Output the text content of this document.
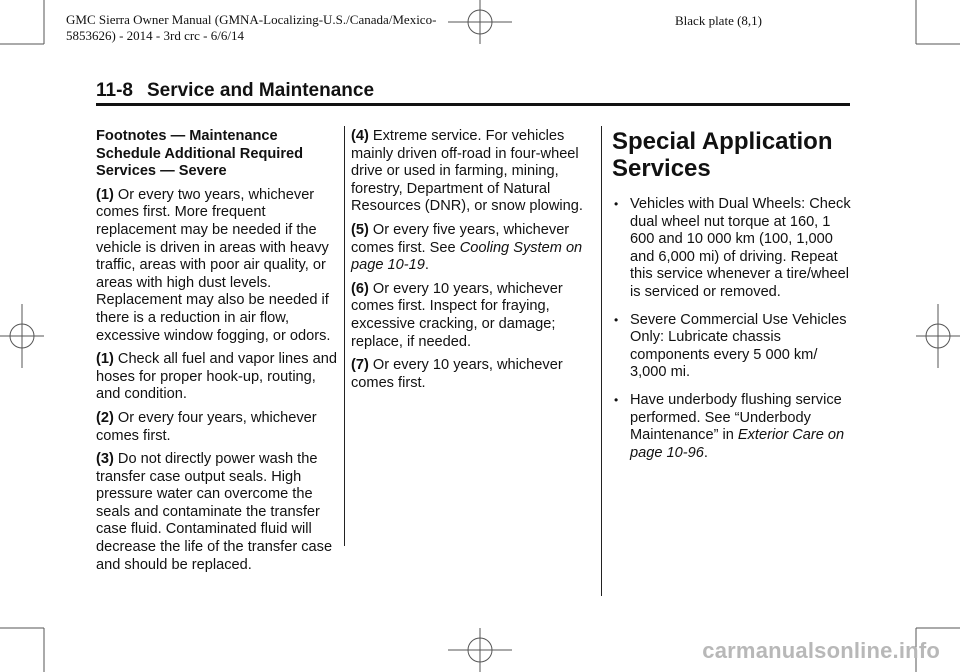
GMC Sierra Owner Manual (GMNA-Localizing-U.S./Canada/Mexico-
5853626) - 2014 - 3rd crc - 6/6/14
Black plate (8,1)
11-8 Service and Maintenance
Footnotes — Maintenance Schedule Additional Required Services — Severe

(1) Or every two years, whichever comes first. More frequent replacement may be needed if the vehicle is driven in areas with heavy traffic, areas with poor air quality, or areas with high dust levels. Replacement may also be needed if there is a reduction in air flow, excessive window fogging, or odors.

(1) Check all fuel and vapor lines and hoses for proper hook-up, routing, and condition.

(2) Or every four years, whichever comes first.

(3) Do not directly power wash the transfer case output seals. High pressure water can overcome the seals and contaminate the transfer case fluid. Contaminated fluid will decrease the life of the transfer case and should be replaced.

(4) Extreme service. For vehicles mainly driven off-road in four-wheel drive or used in farming, mining, forestry, Department of Natural Resources (DNR), or snow plowing.

(5) Or every five years, whichever comes first. See Cooling System on page 10-19.

(6) Or every 10 years, whichever comes first. Inspect for fraying, excessive cracking, or damage; replace, if needed.

(7) Or every 10 years, whichever comes first.

Special Application Services
• Vehicles with Dual Wheels: Check dual wheel nut torque at 160, 1 600 and 10 000 km (100, 1,000 and 6,000 mi) of driving. Repeat this service whenever a tire/wheel is serviced or removed.
• Severe Commercial Use Vehicles Only: Lubricate chassis components every 5 000 km/ 3,000 mi.
• Have underbody flushing service performed. See “Underbody Maintenance” in Exterior Care on page 10-96.
carmanualsonline.info
